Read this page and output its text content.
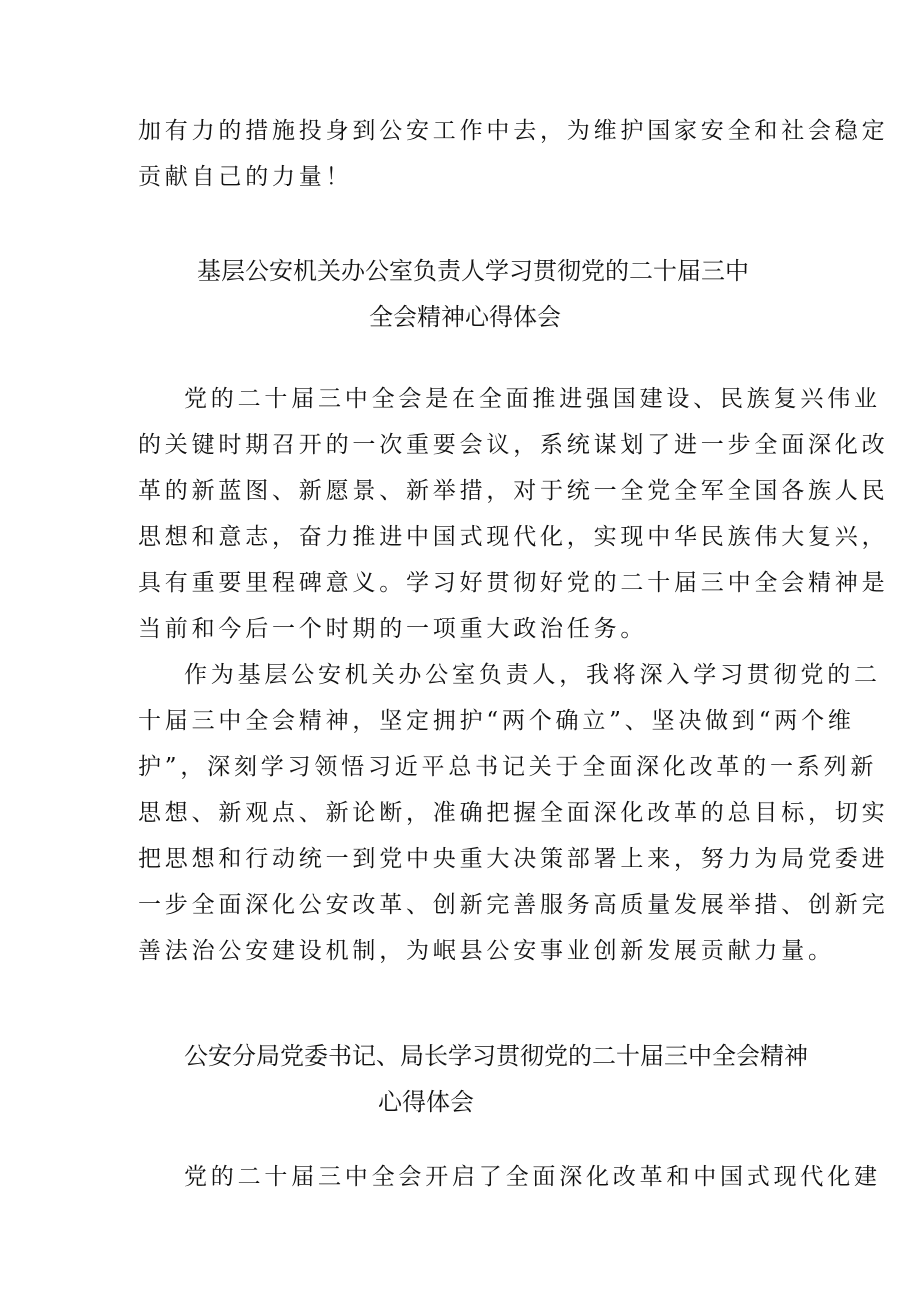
加有力的措施投身到公安工作中去，为维护国家安全和社会稳定
贡献自己的力量！
基层公安机关办公室负责人学习贯彻党的二十届三中
全会精神心得体会
党的二十届三中全会是在全面推进强国建设、民族复兴伟业
的关键时期召开的一次重要会议，系统谋划了进一步全面深化改
革的新蓝图、新愿景、新举措，对于统一全党全军全国各族人民
思想和意志，奋力推进中国式现代化，实现中华民族伟大复兴，
具有重要里程碑意义。学习好贯彻好党的二十届三中全会精神是
当前和今后一个时期的一项重大政治任务。
作为基层公安机关办公室负责人，我将深入学习贯彻党的二
十届三中全会精神，坚定拥护“两个确立”、坚决做到“两个维
护”，深刻学习领悟习近平总书记关于全面深化改革的一系列新
思想、新观点、新论断，准确把握全面深化改革的总目标，切实
把思想和行动统一到党中央重大决策部署上来，努力为局党委进
一步全面深化公安改革、创新完善服务高质量发展举措、创新完
善法治公安建设机制，为岷县公安事业创新发展贡献力量。
公安分局党委书记、局长学习贯彻党的二十届三中全会精神
心得体会
党的二十届三中全会开启了全面深化改革和中国式现代化建
